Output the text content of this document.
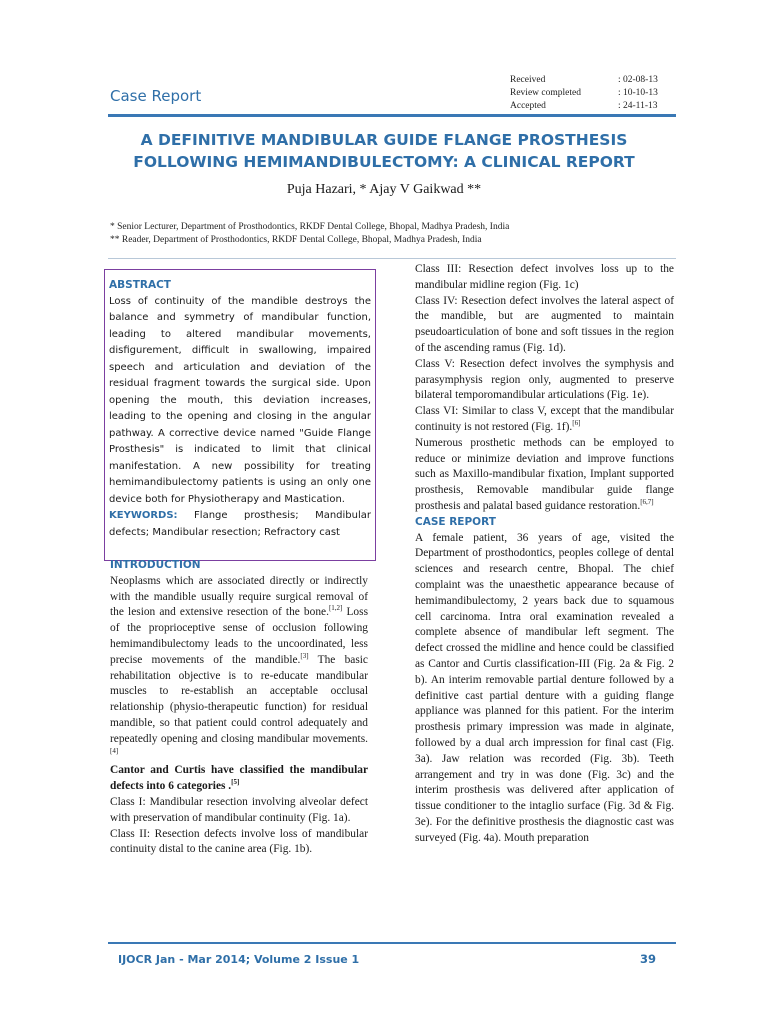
Case Report
Received	: 02-08-13
Review completed	: 10-10-13
Accepted	: 24-11-13
A DEFINITIVE MANDIBULAR GUIDE FLANGE PROSTHESIS
FOLLOWING HEMIMANDIBULECTOMY: A CLINICAL REPORT
Puja Hazari, * Ajay V Gaikwad **
* Senior Lecturer, Department of Prosthodontics, RKDF Dental College, Bhopal, Madhya Pradesh, India
** Reader, Department of Prosthodontics, RKDF Dental College, Bhopal, Madhya Pradesh, India
ABSTRACT
Loss of continuity of the mandible destroys the balance and symmetry of mandibular function, leading to altered mandibular movements, disfigurement, difficult in swallowing, impaired speech and articulation and deviation of the residual fragment towards the surgical side. Upon opening the mouth, this deviation increases, leading to the opening and closing in the angular pathway. A corrective device named "Guide Flange Prosthesis" is indicated to limit that clinical manifestation. A new possibility for treating hemimandibulectomy patients is using an only one device both for Physiotherapy and Mastication.
KEYWORDS: Flange prosthesis; Mandibular defects; Mandibular resection; Refractory cast
INTRODUCTION

Neoplasms which are associated directly or indirectly with the mandible usually require surgical removal of the lesion and extensive resection of the bone.[1,2] Loss of the proprioceptive sense of occlusion following hemimandibulectomy leads to the uncoordinated, less precise movements of the mandible.[3] The basic rehabilitation objective is to re-educate mandibular muscles to re-establish an acceptable occlusal relationship (physio-therapeutic function) for residual mandible, so that patient could control adequately and repeatedly opening and closing mandibular movements.[4]

Cantor and Curtis have classified the mandibular defects into 6 categories .[5]

Class I: Mandibular resection involving alveolar defect with preservation of mandibular continuity (Fig. 1a).

Class II: Resection defects involve loss of mandibular continuity distal to the canine area (Fig. 1b).

Class III: Resection defect involves loss up to the mandibular midline region (Fig. 1c)

Class IV: Resection defect involves the lateral aspect of the mandible, but are augmented to maintain pseudoarticulation of bone and soft tissues in the region of the ascending ramus (Fig. 1d).

Class V: Resection defect involves the symphysis and parasymphysis region only, augmented to preserve bilateral temporomandibular articulations (Fig. 1e).

Class VI: Similar to class V, except that the mandibular continuity is not restored (Fig. 1f).[6]

Numerous prosthetic methods can be employed to reduce or minimize deviation and improve functions such as Maxillo-mandibular fixation, Implant supported prosthesis, Removable mandibular guide flange prosthesis and palatal based guidance restoration.[6,7]

CASE REPORT

A female patient, 36 years of age, visited the Department of prosthodontics, peoples college of dental sciences and research centre, Bhopal. The chief complaint was the unaesthetic appearance because of hemimandibulectomy, 2 years back due to squamous cell carcinoma. Intra oral examination revealed a complete absence of mandibular left segment. The defect crossed the midline and hence could be classified as Cantor and Curtis classification-III (Fig. 2a & Fig. 2 b). An interim removable partial denture followed by a definitive cast partial denture with a guiding flange appliance was planned for this patient. For the interim prosthesis primary impression was made in alginate, followed by a dual arch impression for final cast (Fig. 3a). Jaw relation was recorded (Fig. 3b). Teeth arrangement and try in was done (Fig. 3c) and the interim prosthesis was delivered after application of tissue conditioner to the intaglio surface (Fig. 3d & Fig. 3e). For the definitive prosthesis the diagnostic cast was surveyed (Fig. 4a). Mouth preparation

IJOCR Jan - Mar 2014; Volume 2 Issue 1	39
